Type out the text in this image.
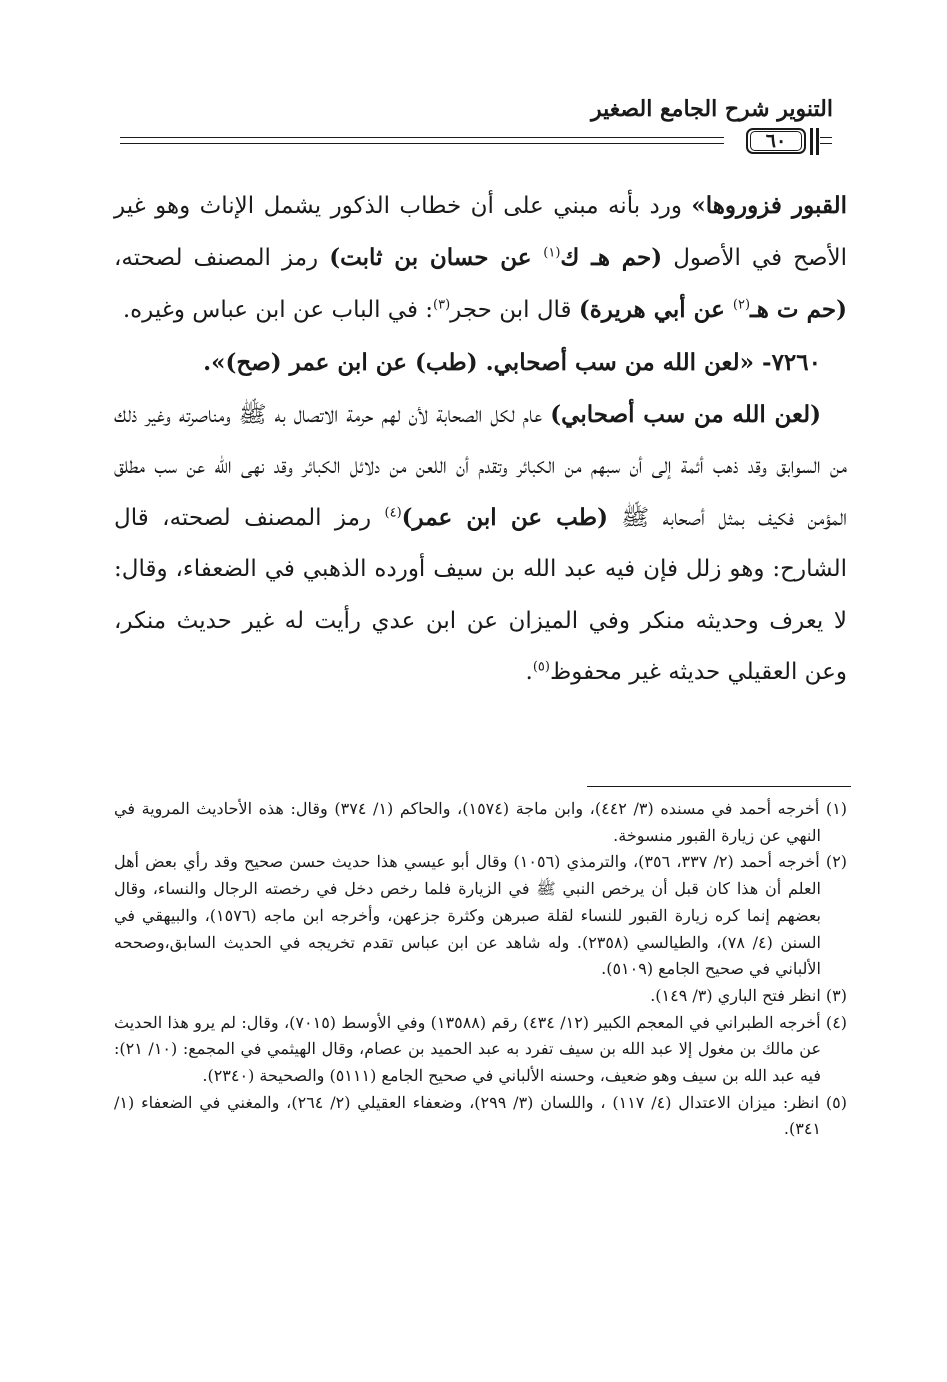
التنوير شرح الجامع الصغير
٦٠

القبور فزوروها» ورد بأنه مبني على أن خطاب الذكور يشمل الإناث وهو غير الأصح في الأصول (حم هـ ك$^{(١)}$ عن حسان بن ثابت) رمز المصنف لصحته، (حم ت هـ$^{(٢)}$ عن أبي هريرة) قال ابن حجر$^{(٣)}$: في الباب عن ابن عباس وغيره.

٧٢٦٠- «لعن الله من سب أصحابي. (طب) عن ابن عمر (صح)».

(لعن الله من سب أصحابي) عام لكل الصحابة لأن لهم حرمة الاتصال به ﷺ ومناصرته وغير ذلك من السوابق وقد ذهب أئمة إلى أن سبهم من الكبائر وتقدم أن اللعن من دلائل الكبائر وقد نهى الله عن سب مطلق المؤمن فكيف بمثل أصحابه ﷺ (طب عن ابن عمر)$^{(٤)}$ رمز المصنف لصحته، قال الشارح: وهو زلل فإن فيه عبد الله بن سيف أورده الذهبي في الضعفاء، وقال: لا يعرف وحديثه منكر وفي الميزان عن ابن عدي رأيت له غير حديث منكر، وعن العقيلي حديثه غير محفوظ$^{(٥)}$.

(١) أخرجه أحمد في مسنده (٣/ ٤٤٢)، وابن ماجة (١٥٧٤)، والحاكم (١/ ٣٧٤) وقال: هذه الأحاديث المروية في النهي عن زيارة القبور منسوخة.

(٢) أخرجه أحمد (٢/ ٣٣٧، ٣٥٦)، والترمذي (١٠٥٦) وقال أبو عيسي هذا حديث حسن صحيح وقد رأي بعض أهل العلم أن هذا كان قبل أن يرخص النبي ﷺ في الزيارة فلما رخص دخل في رخصته الرجال والنساء، وقال بعضهم إنما كره زيارة القبور للنساء لقلة صبرهن وكثرة جزعهن، وأخرجه ابن ماجه (١٥٧٦)، والبيهقي في السنن (٤/ ٧٨)، والطيالسي (٢٣٥٨). وله شاهد عن ابن عباس تقدم تخريجه في الحديث السابق،وصححه الألباني في صحيح الجامع (٥١٠٩).

(٣) انظر فتح الباري (٣/ ١٤٩).

(٤) أخرجه الطبراني في المعجم الكبير (١٢/ ٤٣٤) رقم (١٣٥٨٨) وفي الأوسط (٧٠١٥)، وقال: لم يرو هذا الحديث عن مالك بن مغول إلا عبد الله بن سيف تفرد به عبد الحميد بن عصام، وقال الهيثمي في المجمع: (١٠/ ٢١): فيه عبد الله بن سيف وهو ضعيف، وحسنه الألباني في صحيح الجامع (٥١١١) والصحيحة (٢٣٤٠).

(٥) انظر: ميزان الاعتدال (٤/ ١١٧) ، واللسان (٣/ ٢٩٩)، وضعفاء العقيلي (٢/ ٢٦٤)، والمغني في الضعفاء (١/ ٣٤١).
